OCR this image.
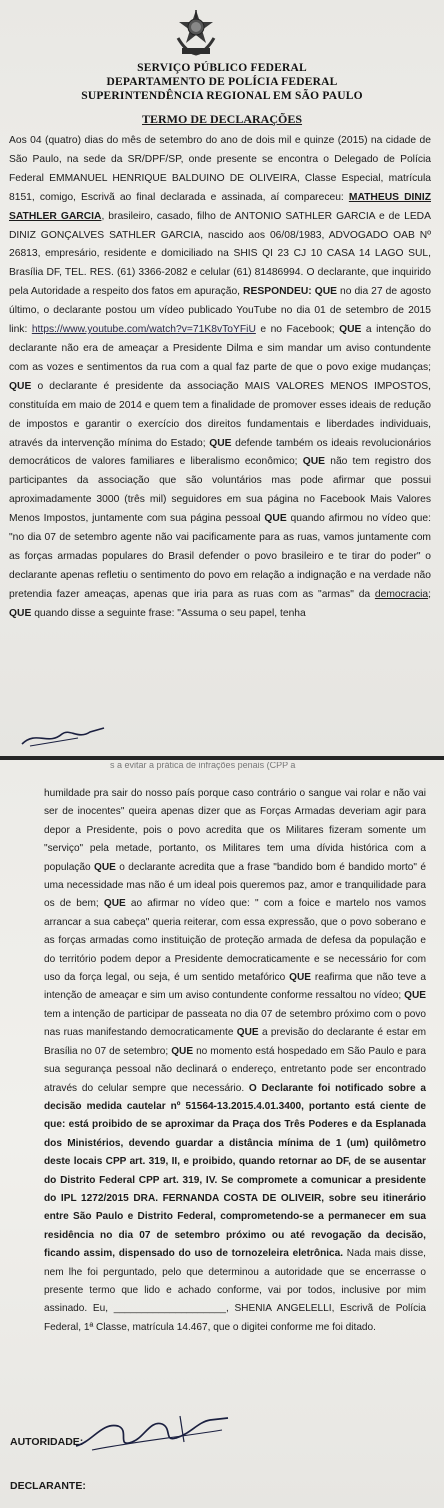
SERVIÇO PÚBLICO FEDERAL
DEPARTAMENTO DE POLÍCIA FEDERAL
SUPERINTENDÊNCIA REGIONAL EM SÃO PAULO
TERMO DE DECLARAÇÕES
Aos 04 (quatro) dias do mês de setembro do ano de dois mil e quinze (2015) na cidade de São Paulo, na sede da SR/DPF/SP, onde presente se encontra o Delegado de Polícia Federal EMMANUEL HENRIQUE BALDUINO DE OLIVEIRA, Classe Especial, matrícula 8151, comigo, Escrivã ao final declarada e assinada, aí compareceu: MATHEUS DINIZ SATHLER GARCIA, brasileiro, casado, filho de ANTONIO SATHLER GARCIA e de LEDA DINIZ GONÇALVES SATHLER GARCIA, nascido aos 06/08/1983, ADVOGADO OAB Nº 26813, empresário, residente e domiciliado na SHIS QI 23 CJ 10 CASA 14 LAGO SUL, Brasília DF, TEL. RES. (61) 3366-2082 e celular (61) 81486994. O declarante, que inquirido pela Autoridade a respeito dos fatos em apuração, RESPONDEU: QUE no dia 27 de agosto último, o declarante postou um vídeo publicado YouTube no dia 01 de setembro de 2015 link: https://www.youtube.com/watch?v=71K8vToYFiU e no Facebook; QUE a intenção do declarante não era de ameaçar a Presidente Dilma e sim mandar um aviso contundente com as vozes e sentimentos da rua com a qual faz parte de que o povo exige mudanças; QUE o declarante é presidente da associação MAIS VALORES MENOS IMPOSTOS, constituída em maio de 2014 e quem tem a finalidade de promover esses ideais de redução de impostos e garantir o exercício dos direitos fundamentais e liberdades individuais, através da intervenção mínima do Estado; QUE defende também os ideais revolucionários democráticos de valores familiares e liberalismo econômico; QUE não tem registro dos participantes da associação que são voluntários mas pode afirmar que possui aproximadamente 3000 (três mil) seguidores em sua página no Facebook Mais Valores Menos Impostos, juntamente com sua página pessoal QUE quando afirmou no vídeo que: "no dia 07 de setembro agente não vai pacificamente para as ruas, vamos juntamente com as forças armadas populares do Brasil defender o povo brasileiro e te tirar do poder" o declarante apenas refletiu o sentimento do povo em relação a indignação e na verdade não pretendia fazer ameaças, apenas que iria para as ruas com as "armas" da democracia; QUE quando disse a seguinte frase: "Assuma o seu papel, tenha
s a evitar a prática de infrações penais (CPP a
humildade pra sair do nosso país porque caso contrário o sangue vai rolar e não vai ser de inocentes" queira apenas dizer que as Forças Armadas deveriam agir para depor a Presidente, pois o povo acredita que os Militares fizeram somente um "serviço" pela metade, portanto, os Militares tem uma dívida histórica com a população QUE o declarante acredita que a frase "bandido bom é bandido morto" é uma necessidade mas não é um ideal pois queremos paz, amor e tranquilidade para os de bem; QUE ao afirmar no vídeo que: " com a foice e martelo nos vamos arrancar a sua cabeça" queria reiterar, com essa expressão, que o povo soberano e as forças armadas como instituição de proteção armada de defesa da população e do território podem depor a Presidente democraticamente e se necessário for com uso da força legal, ou seja, é um sentido metafórico QUE reafirma que não teve a intenção de ameaçar e sim um aviso contundente conforme ressaltou no vídeo; QUE tem a intenção de participar de passeata no dia 07 de setembro próximo com o povo nas ruas manifestando democraticamente QUE a previsão do declarante é estar em Brasília no 07 de setembro; QUE no momento está hospedado em São Paulo e para sua segurança pessoal não declinará o endereço, entretanto pode ser encontrado através do celular sempre que necessário. O Declarante foi notificado sobre a decisão medida cautelar nº 51564-13.2015.4.01.3400, portanto está ciente de que: está proibido de se aproximar da Praça dos Três Poderes e da Esplanada dos Ministérios, devendo guardar a distância mínima de 1 (um) quilômetro deste locais CPP art. 319, II, e proibido, quando retornar ao DF, de se ausentar do Distrito Federal CPP art. 319, IV. Se compromete a comunicar a presidente do IPL 1272/2015 DRA. FERNANDA COSTA DE OLIVEIR, sobre seu itinerário entre São Paulo e Distrito Federal, comprometendo-se a permanecer em sua residência no dia 07 de setembro próximo ou até revogação da decisão, ficando assim, dispensado do uso de tornozeleira eletrônica. Nada mais disse, nem lhe foi perguntado, pelo que determinou a autoridade que se encerrasse o presente termo que lido e achado conforme, vai por todos, inclusive por mim assinado. Eu, ____________________, SHENIA ANGELELLI, Escrivã de Polícia Federal, 1ª Classe, matrícula 14.467, que o digitei conforme me foi ditado.
AUTORIDADE:
DECLARANTE:
